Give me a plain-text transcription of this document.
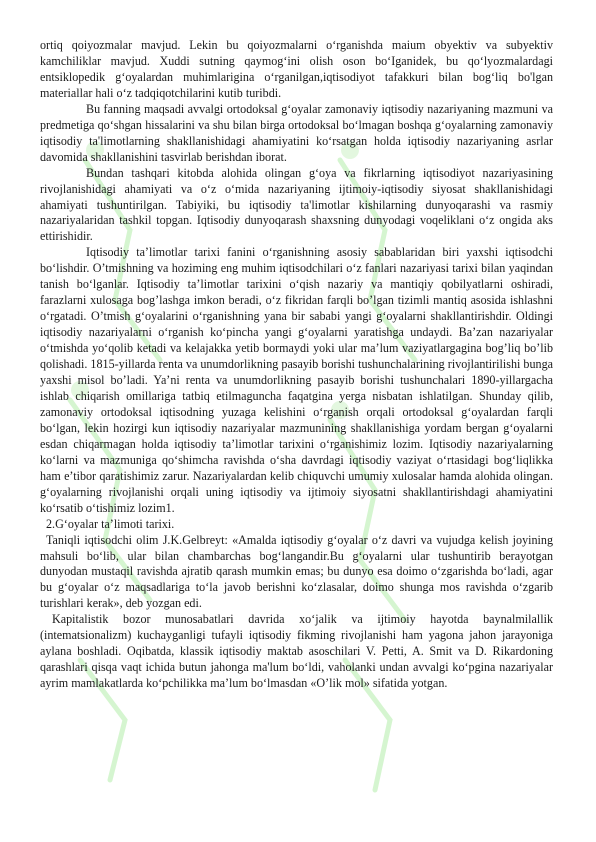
ortiq qoiyozmalar mavjud. Lekin bu qoiyozmalarni o‘rganishda maium obyektiv va subyektiv kamchiliklar mavjud. Xuddi sutning qaymog‘ini olish oson bo‘Iganidek, bu qo‘lyozmalardagi entsiklopedik g‘oyalardan muhimlarigina o‘rganilgan,iqtisodiyot tafakkuri bilan bog‘liq bo'lgan materiallar hali o‘z tadqiqotchilarini kutib turibdi.

Bu fanning maqsadi avvalgi ortodoksal g‘oyalar zamonaviy iqtisodiy nazariyaning mazmuni va predmetiga qo‘shgan hissalarini va shu bilan birga ortodoksal bo‘lmagan boshqa g‘oyalarning zamonaviy iqtisodiy ta'limotlarning shakllanishidagi ahamiyatini ko‘rsatgan holda iqtisodiy nazariyaning asrlar davomida shakllanishini tasvirlab berishdan iborat.

Bundan tashqari kitobda alohida olingan g‘oya va fikrlarning iqtisodiyot nazariyasining rivojlanishidagi ahamiyati va o‘z o‘mida nazariyaning ijtimoiy-iqtisodiy siyosat shakllanishidagi ahamiyati tushuntirilgan. Tabiyiki, bu iqtisodiy ta'limotlar kishilarning dunyoqarashi va rasmiy nazariyalaridan tashkil topgan. Iqtisodiy dunyoqarash shaxsning dunyodagi voqeliklani o‘z ongida aks ettirishidir.

Iqtisodiy ta’limotlar tarixi fanini o‘rganishning asosiy sabablaridan biri yaxshi iqtisodchi bo‘lishdir. O’tmishning va hoziming eng muhim iqtisodchilari o‘z fanlari nazariyasi tarixi bilan yaqindan tanish bo‘lganlar. Iqtisodiy ta’limotlar tarixini o‘qish nazariy va mantiqiy qobilyatlarni oshiradi, farazlarni xulosaga bog’lashga imkon beradi, o‘z fikridan farqli bo’lgan tizimli mantiq asosida ishlashni o‘rgatadi. O’tmish g‘oyalarini o‘rganishning yana bir sababi yangi g‘oyalarni shakllantirishdir. Oldingi iqtisodiy nazariyalarni o‘rganish ko‘pincha yangi g‘oyalarni yaratishga undaydi. Ba’zan nazariyalar o‘tmishda yo‘qolib ketadi va kelajakka yetib bormaydi yoki ular ma’lum vaziyatlargagina bog’liq bo’lib qolishadi. 1815-yillarda renta va unumdorlikning pasayib borishi tushunchalarining rivojlantirilishi bunga yaxshi misol bo’ladi. Ya’ni renta va unumdorlikning pasayib borishi tushunchalari 1890-yillargacha ishlab chiqarish omillariga tatbiq etilmaguncha faqatgina yerga nisbatan ishlatilgan. Shunday qilib, zamonaviy ortodoksal iqtisodning yuzaga kelishini o‘rganish orqali ortodoksal g‘oyalardan farqli bo‘lgan, lekin hozirgi kun iqtisodiy nazariyalar mazmunining shakllanishiga yordam bergan g‘oyalarni esdan chiqarmagan holda iqtisodiy ta’limotlar tarixini o‘rganishimiz lozim. Iqtisodiy nazariyalarning ko‘larni va mazmuniga qo‘shimcha ravishda o‘sha davrdagi iqtisodiy vaziyat o‘rtasidagi bog‘liqlikka ham e’tibor qaratishimiz zarur. Nazariyalardan kelib chiquvchi umumiy xulosalar hamda alohida olingan. g‘oyalarning rivojlanishi orqali uning iqtisodiy va ijtimoiy siyosatni shakllantirishdagi ahamiyatini ko‘rsatib o‘tishimiz lozim1.

2.G‘oyalar ta’limoti tarixi.

Taniqli iqtisodchi olim J.K.Gelbreyt: «Amalda iqtisodiy g‘oyalar o‘z davri va vujudga kelish joyining mahsuli bo‘lib, ular bilan chambarchas bog‘langandir.Bu g‘oyalarni ular tushuntirib berayotgan dunyodan mustaqil ravishda ajratib qarash mumkin emas; bu dunyo esa doimo o‘zgarishda bo‘ladi, agar bu g‘oyalar o‘z maqsadlariga to‘la javob berishni ko‘zlasalar, doimo shunga mos ravishda o‘zgarib turishlari kerak», deb yozgan edi.

Kapitalistik bozor munosabatlari davrida xo‘jalik va ijtimoiy hayotda baynalmilallik (intematsionalizm) kuchayganligi tufayli iqtisodiy fikming rivojlanishi ham yagona jahon jarayoniga aylana boshladi. Oqibatda, klassik iqtisodiy maktab asoschilari V. Petti, A. Smit va D. Rikardoning qarashlari qisqa vaqt ichida butun jahonga ma'lum bo‘ldi, vaholanki undan avvalgi ko‘pgina nazariyalar ayrim mamlakatlarda ko‘pchilikka ma’lum bo‘lmasdan «O’lik mol» sifatida yotgan.
